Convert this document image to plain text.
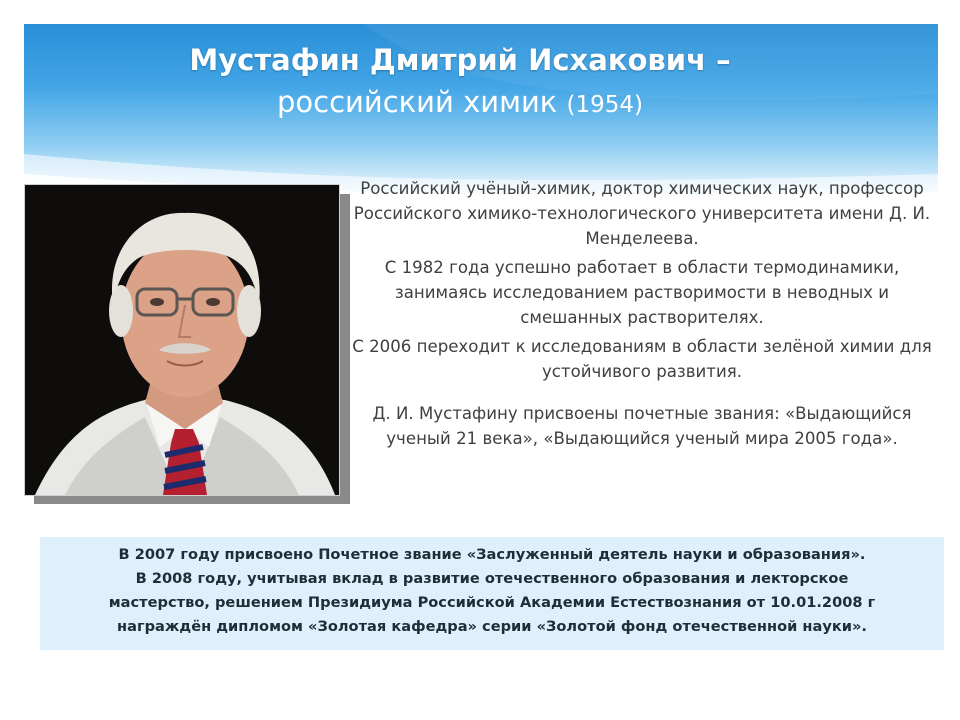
Мустафин Дмитрий Исхакович –
российский химик (1954)

Российский учёный-химик, доктор химических наук, профессор Российского химико-технологического университета имени Д. И. Менделеева.

С 1982 года успешно работает в области термодинамики, занимаясь исследованием растворимости в неводных и смешанных растворителях.

С 2006 переходит к исследованиям в области зелёной химии для устойчивого развития.

Д. И. Мустафину присвоены почетные звания: «Выдающийся ученый 21 века», «Выдающийся ученый мира 2005 года».

В 2007 году присвоено Почетное звание «Заслуженный деятель науки и образования».
В 2008 году, учитывая вклад в развитие отечественного образования и лекторское
мастерство, решением Президиума Российской Академии Естествознания от 10.01.2008 г
награждён дипломом «Золотая кафедра» серии «Золотой фонд отечественной науки».
